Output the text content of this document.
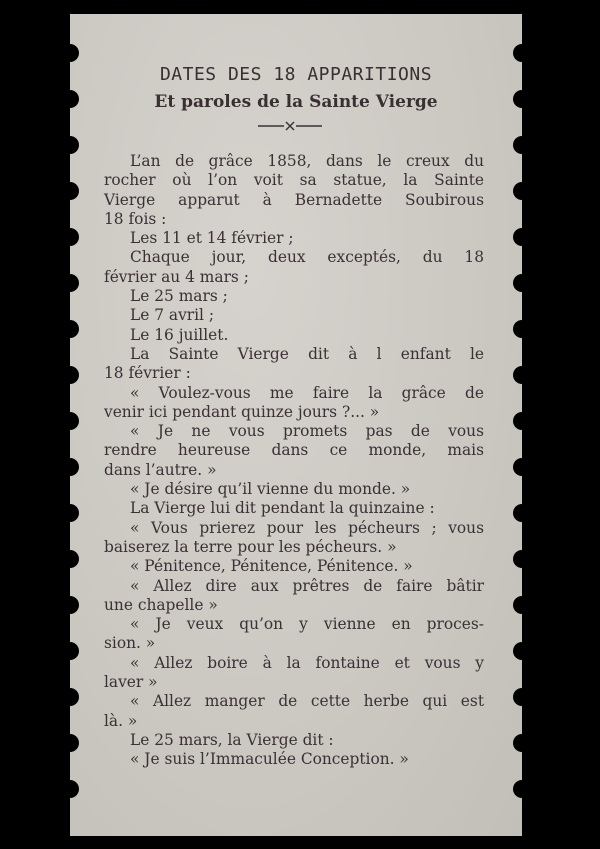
DATES DES 18 APPARITIONS
Et paroles de la Sainte Vierge
L’an de grâce 1858, dans le creux du
rocher où l’on voit sa statue, la Sainte
Vierge apparut à Bernadette Soubirous
18 fois :
Les 11 et 14 février ;
Chaque jour, deux exceptés, du 18
février au 4 mars ;
Le 25 mars ;
Le 7 avril ;
Le 16 juillet.
La Sainte Vierge dit à l enfant le
18 février :
« Voulez-vous me faire la grâce de
venir ici pendant quinze jours ?... »
« Je ne vous promets pas de vous
rendre heureuse dans ce monde, mais
dans l’autre. »
« Je désire qu’il vienne du monde. »
La Vierge lui dit pendant la quinzaine :
« Vous prierez pour les pécheurs ; vous
baiserez la terre pour les pécheurs. »
« Pénitence, Pénitence, Pénitence. »
« Allez dire aux prêtres de faire bâtir
une chapelle »
« Je veux qu’on y vienne en proces-
sion. »
« Allez boire à la fontaine et vous y
laver »
« Allez manger de cette herbe qui est
là. »
Le 25 mars, la Vierge dit :
« Je suis l’Immaculée Conception. »
